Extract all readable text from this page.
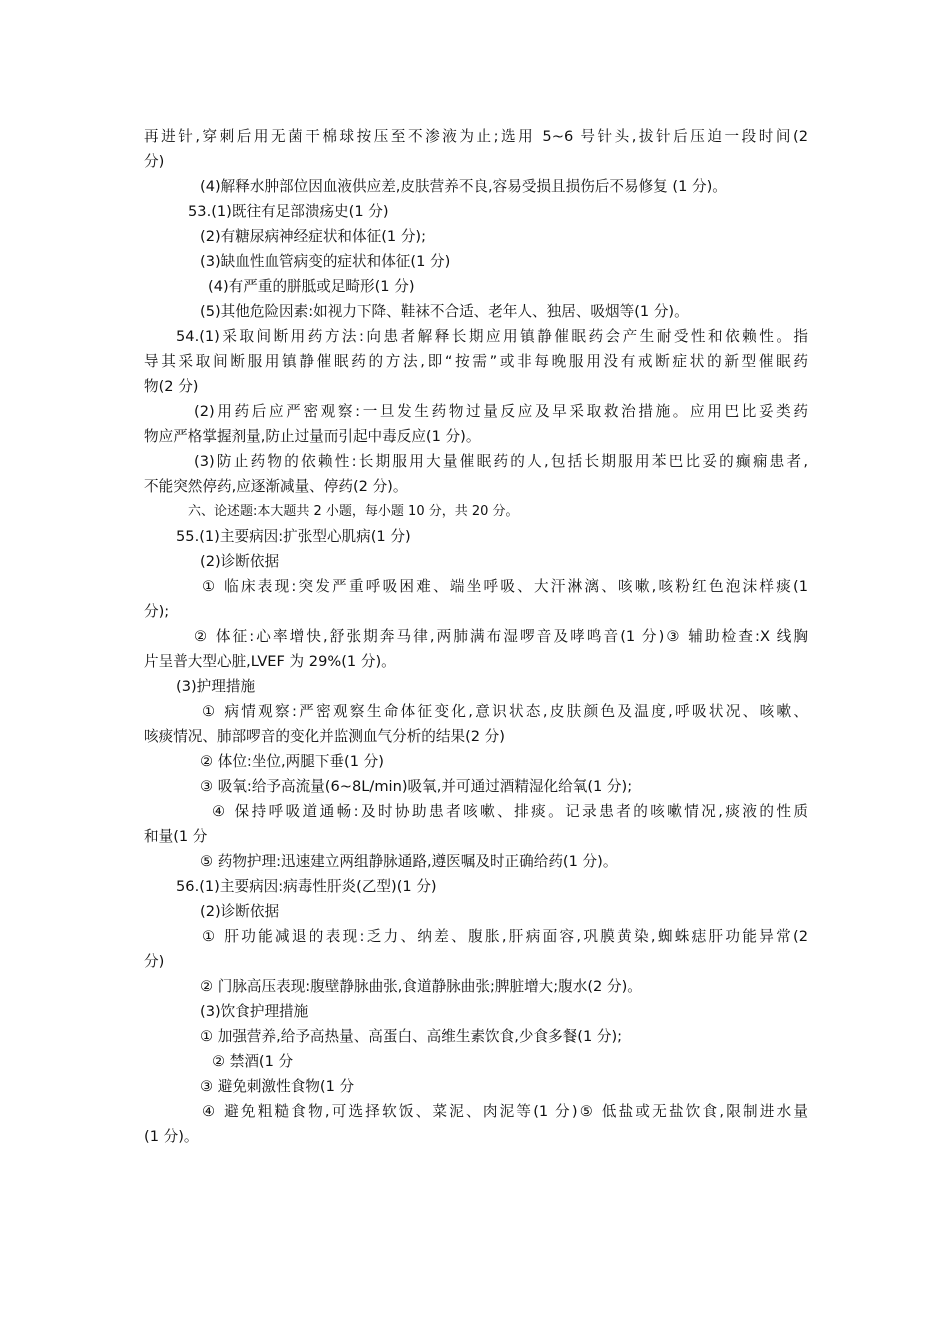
再进针,穿刺后用无菌干棉球按压至不渗液为止;选用 5~6 号针头,拔针后压迫一段时间(2

分)

(4)解释水肿部位因血液供应差,皮肤营养不良,容易受损且损伤后不易修复 (1 分)。

53.(1)既往有足部溃疡史(1 分)

(2)有糖尿病神经症状和体征(1 分);

(3)缺血性血管病变的症状和体征(1 分)

(4)有严重的胼胝或足畸形(1 分)

(5)其他危险因素:如视力下降、鞋袜不合适、老年人、独居、吸烟等(1 分)。

54.(1)采取间断用药方法:向患者解释长期应用镇静催眠药会产生耐受性和依赖性。指

导其采取间断服用镇静催眠药的方法,即“按需”或非每晚服用没有戒断症状的新型催眠药

物(2 分)

(2)用药后应严密观察:一旦发生药物过量反应及早采取救治措施。应用巴比妥类药

物应严格掌握剂量,防止过量而引起中毒反应(1 分)。

(3)防止药物的依赖性:长期服用大量催眠药的人,包括长期服用苯巴比妥的癫痫患者,

不能突然停药,应逐渐减量、停药(2 分)。

六、论述题:本大题共 2 小题，每小题 10 分，共 20 分。

55.(1)主要病因:扩张型心肌病(1 分)

(2)诊断依据

① 临床表现:突发严重呼吸困难、端坐呼吸、大汗淋漓、咳嗽,咳粉红色泡沫样痰(1

分);

② 体征:心率增快,舒张期奔马律,两肺满布湿啰音及哮鸣音(1 分)③ 辅助检查:X 线胸

片呈普大型心脏,LVEF 为 29%(1 分)。

(3)护理措施

① 病情观察:严密观察生命体征变化,意识状态,皮肤颜色及温度,呼吸状况、咳嗽、

咳痰情况、肺部啰音的变化并监测血气分析的结果(2 分)

② 体位:坐位,两腿下垂(1 分)

③ 吸氧:给予高流量(6~8L/min)吸氧,并可通过酒精湿化给氧(1 分);

④ 保持呼吸道通畅:及时协助患者咳嗽、排痰。记录患者的咳嗽情况,痰液的性质

和量(1 分

⑤ 药物护理:迅速建立两组静脉通路,遵医嘱及时正确给药(1 分)。

56.(1)主要病因:病毒性肝炎(乙型)(1 分)

(2)诊断依据

① 肝功能减退的表现:乏力、纳差、腹胀,肝病面容,巩膜黄染,蜘蛛痣肝功能异常(2

分)

② 门脉高压表现:腹壁静脉曲张,食道静脉曲张;脾脏增大;腹水(2 分)。

(3)饮食护理措施

① 加强营养,给予高热量、高蛋白、高维生素饮食,少食多餐(1 分);

② 禁酒(1 分

③ 避免刺激性食物(1 分

④ 避免粗糙食物,可选择软饭、菜泥、肉泥等(1 分)⑤ 低盐或无盐饮食,限制进水量

(1 分)。
